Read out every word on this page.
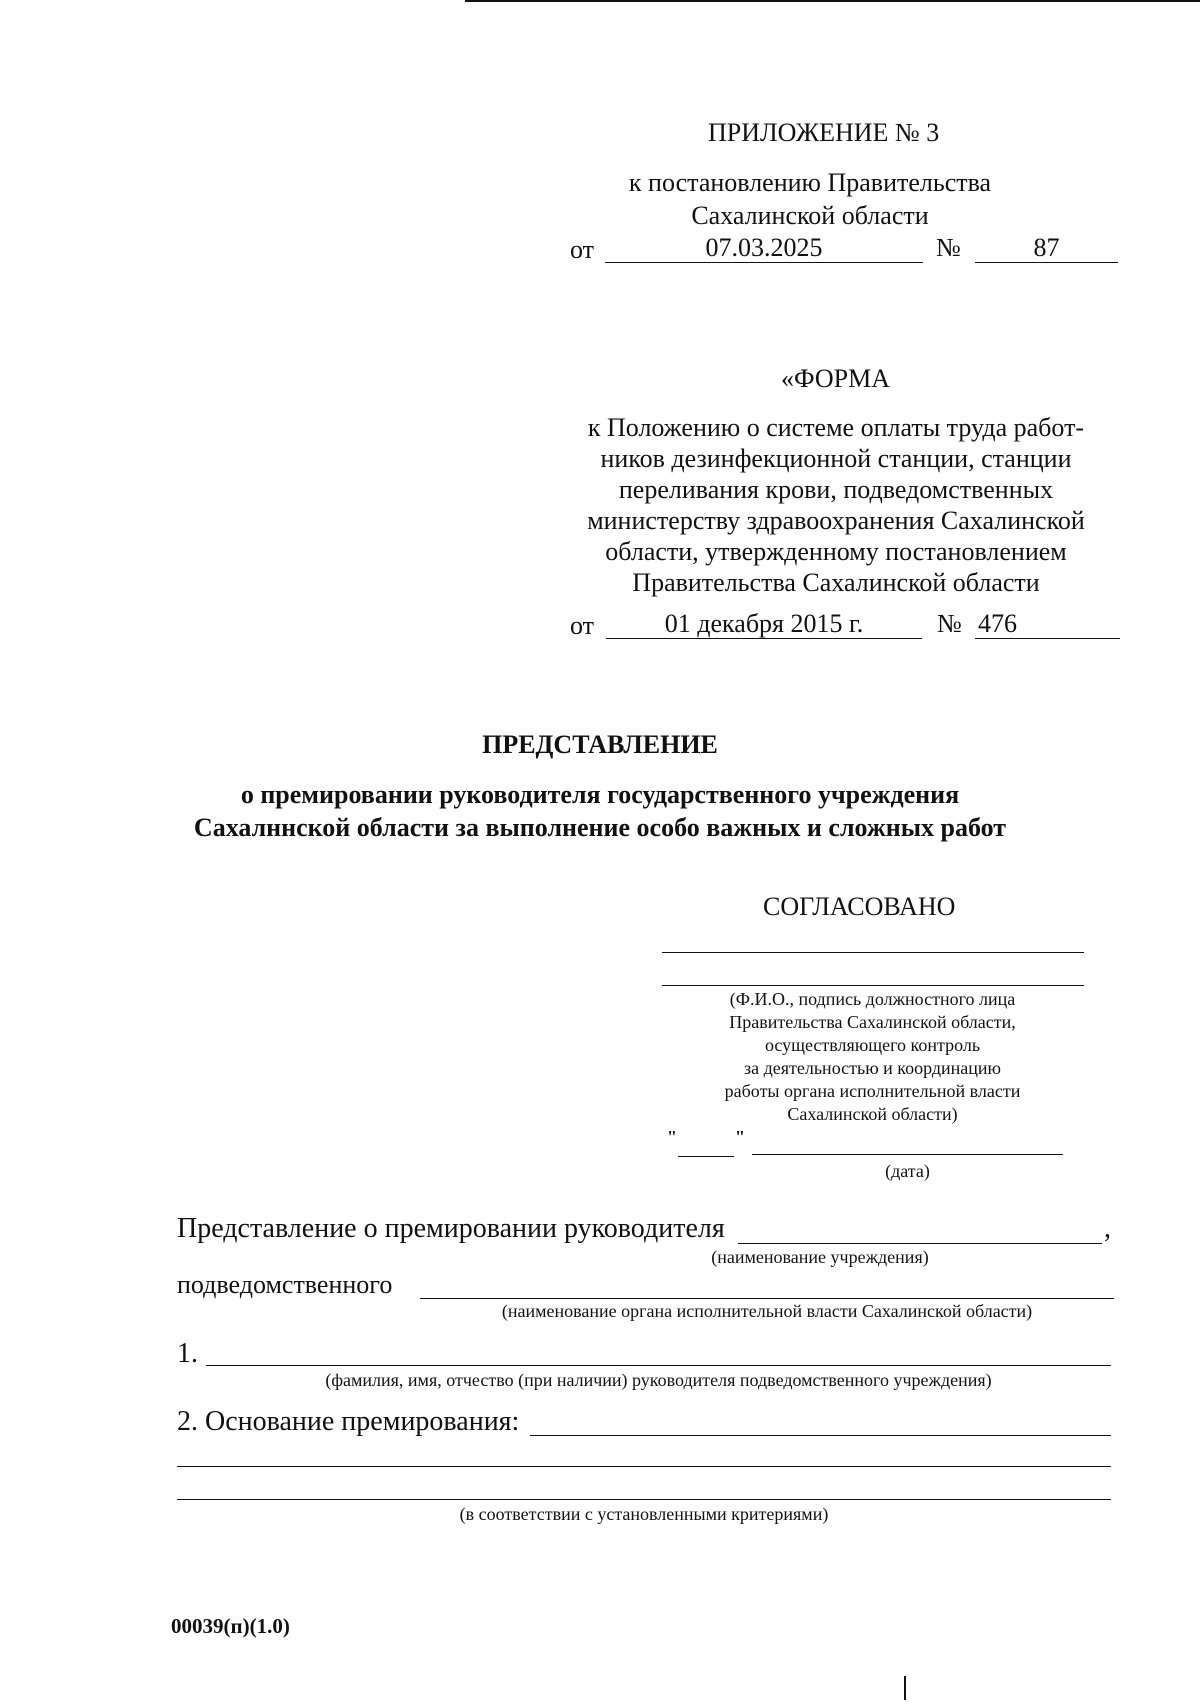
ПРИЛОЖЕНИЕ № 3
к постановлению Правительства
Сахалинской области
от	07.03.2025	№	87
«ФОРМА
к Положению о системе оплаты труда работ-
ников дезинфекционной станции, станции
переливания крови, подведомственных
министерству здравоохранения Сахалинской
области, утвержденному постановлением
Правительства Сахалинской области
от	01 декабря 2015 г.	№ 476
ПРЕДСТАВЛЕНИЕ
о премировании руководителя государственного учреждения
Сахалннской области за выполнение особо важных и сложных работ
СОГЛАСОВАНО
(Ф.И.О., подпись должностного лица
Правительства Сахалинской области,
осуществляющего контроль
за деятельностью и координацию
работы органа исполнительной власти
Сахалинской области)
"	"
(дата)
Представление о премировании руководителя	,
(наименование учреждения)
подведомственного
(наименование органа исполнительной власти Сахалинской области)
1.
(фамилия, имя, отчество (при наличии) руководителя подведомственного учреждения)
2. Основание премирования:
(в соответствии с установленными критериями)
00039(п)(1.0)
